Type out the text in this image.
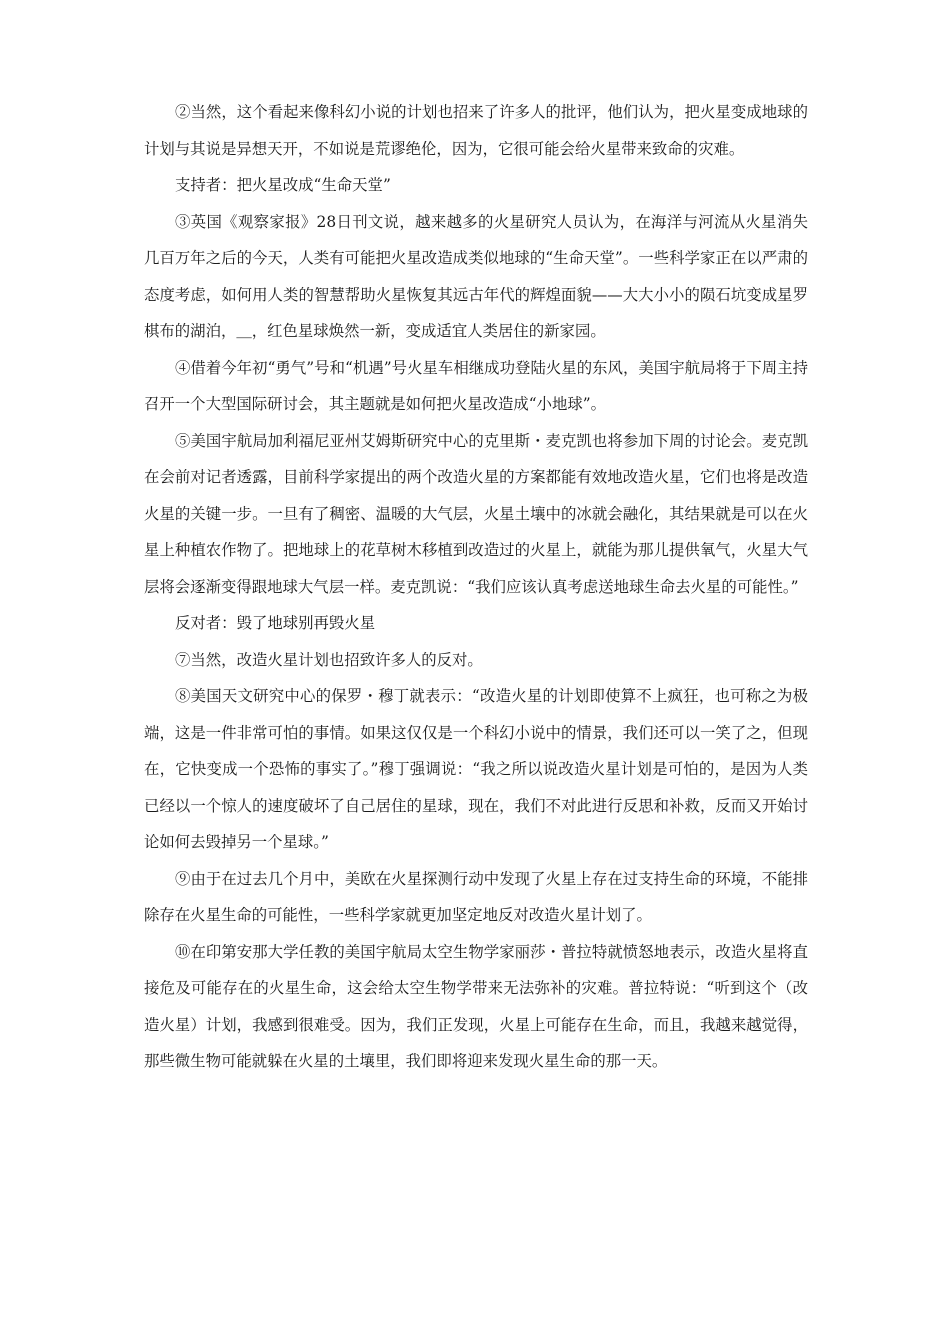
②当然，这个看起来像科幻小说的计划也招来了许多人的批评，他们认为，把火星变成地球的计划与其说是异想天开，不如说是荒谬绝伦，因为，它很可能会给火星带来致命的灾难。

支持者：把火星改成“生命天堂”

③英国《观察家报》28日刊文说，越来越多的火星研究人员认为，在海洋与河流从火星消失几百万年之后的今天，人类有可能把火星改造成类似地球的“生命天堂”。一些科学家正在以严肃的态度考虑，如何用人类的智慧帮助火星恢复其远古年代的辉煌面貌——大大小小的陨石坑变成星罗棋布的湖泊，＿，红色星球焕然一新，变成适宜人类居住的新家园。

④借着今年初“勇气”号和“机遇”号火星车相继成功登陆火星的东风，美国宇航局将于下周主持召开一个大型国际研讨会，其主题就是如何把火星改造成“小地球”。

⑤美国宇航局加利福尼亚州艾姆斯研究中心的克里斯・麦克凯也将参加下周的讨论会。麦克凯在会前对记者透露，目前科学家提出的两个改造火星的方案都能有效地改造火星，它们也将是改造火星的关键一步。一旦有了稠密、温暖的大气层，火星土壤中的冰就会融化，其结果就是可以在火星上种植农作物了。把地球上的花草树木移植到改造过的火星上，就能为那儿提供氧气，火星大气层将会逐渐变得跟地球大气层一样。麦克凯说：“我们应该认真考虑送地球生命去火星的可能性。”

反对者：毁了地球别再毁火星

⑦当然，改造火星计划也招致许多人的反对。

⑧美国天文研究中心的保罗・穆丁就表示：“改造火星的计划即使算不上疯狂，也可称之为极端，这是一件非常可怕的事情。如果这仅仅是一个科幻小说中的情景，我们还可以一笑了之，但现在，它快变成一个恐怖的事实了。”穆丁强调说：“我之所以说改造火星计划是可怕的，是因为人类已经以一个惊人的速度破坏了自己居住的星球，现在，我们不对此进行反思和补救，反而又开始讨论如何去毁掉另一个星球。”

⑨由于在过去几个月中，美欧在火星探测行动中发现了火星上存在过支持生命的环境，不能排除存在火星生命的可能性，一些科学家就更加坚定地反对改造火星计划了。

⑩在印第安那大学任教的美国宇航局太空生物学家丽莎・普拉特就愤怒地表示，改造火星将直接危及可能存在的火星生命，这会给太空生物学带来无法弥补的灾难。普拉特说：“听到这个（改造火星）计划，我感到很难受。因为，我们正发现，火星上可能存在生命，而且，我越来越觉得，那些微生物可能就躲在火星的土壤里，我们即将迎来发现火星生命的那一天。
